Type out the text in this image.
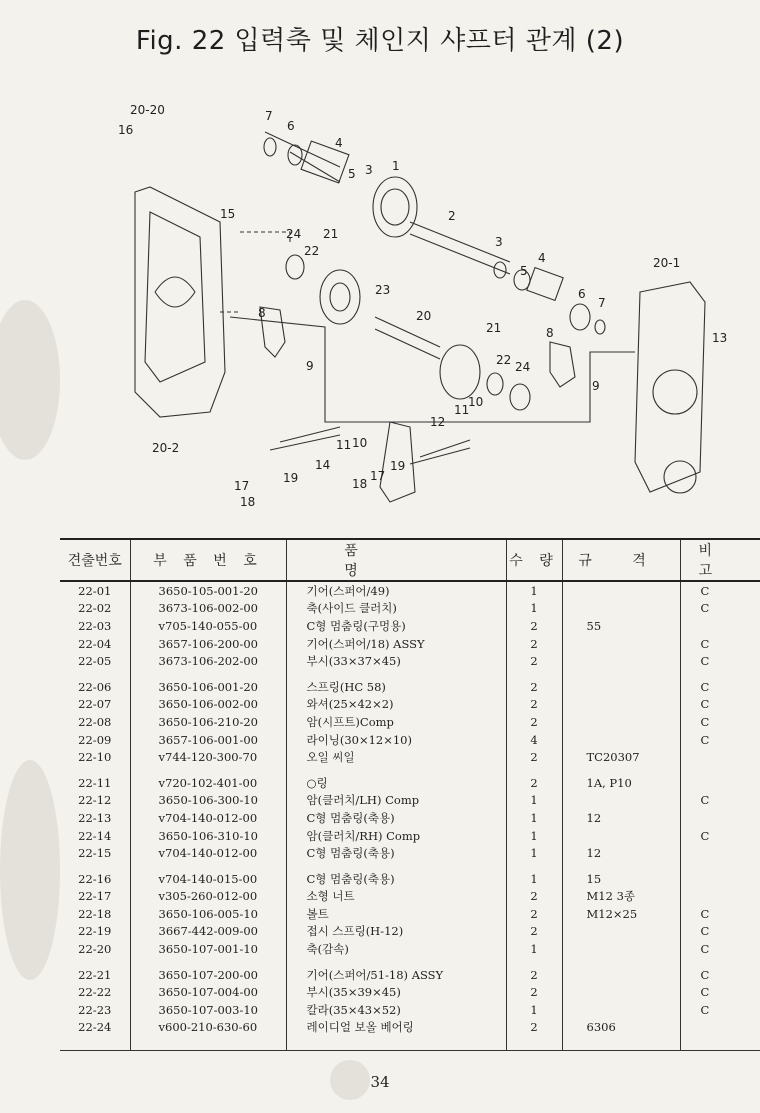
Fig. 22 입력축 및 체인지 샤프터 관계 (2)
20-20
16
15
7
6
4
5 3 1
2
24
22
21
3
5
4
6
7
20-1
13
8
9
23
20
21	8
22 24
9
12
11
10
20-2	11 10
14
17
19
18
17
19
18
견출번호	부 품 번 호	품 명	수 량	규 격	비 고
22-01	3650-105-001-20	기어(스퍼어/49)	1		C
22-02	3673-106-002-00	축(사이드 클러치)	1		C
22-03	v705-140-055-00	C형 멈춤링(구멍용)	2	55	
22-04	3657-106-200-00	기어(스퍼어/18) ASSY	2		C
22-05	3673-106-202-00	부시(33×37×45)	2		C
22-06	3650-106-001-20	스프링(HC 58)	2		C
22-07	3650-106-002-00	와셔(25×42×2)	2		C
22-08	3650-106-210-20	암(시프트)Comp	2		C
22-09	3657-106-001-00	라이닝(30×12×10)	4		C
22-10	v744-120-300-70	오일 씨일	2	TC20307	
22-11	v720-102-401-00	○링	2	1A, P10	
22-12	3650-106-300-10	암(클러치/LH) Comp	1		C
22-13	v704-140-012-00	C형 멈춤링(축용)	1	12	
22-14	3650-106-310-10	암(클러치/RH) Comp	1		C
22-15	v704-140-012-00	C형 멈춤링(축용)	1	12	
22-16	v704-140-015-00	C형 멈춤링(축용)	1	15	
22-17	v305-260-012-00	소형 너트	2	M12 3종	
22-18	3650-106-005-10	볼트	2	M12×25	C
22-19	3667-442-009-00	접시 스프링(H-12)	2		C
22-20	3650-107-001-10	축(감속)	1		C
22-21	3650-107-200-00	기어(스퍼어/51-18) ASSY	2		C
22-22	3650-107-004-00	부시(35×39×45)	2		C
22-23	3650-107-003-10	칼라(35×43×52)	1		C
22-24	v600-210-630-60	레이디얼 보올 베어링	2	6306	
34
